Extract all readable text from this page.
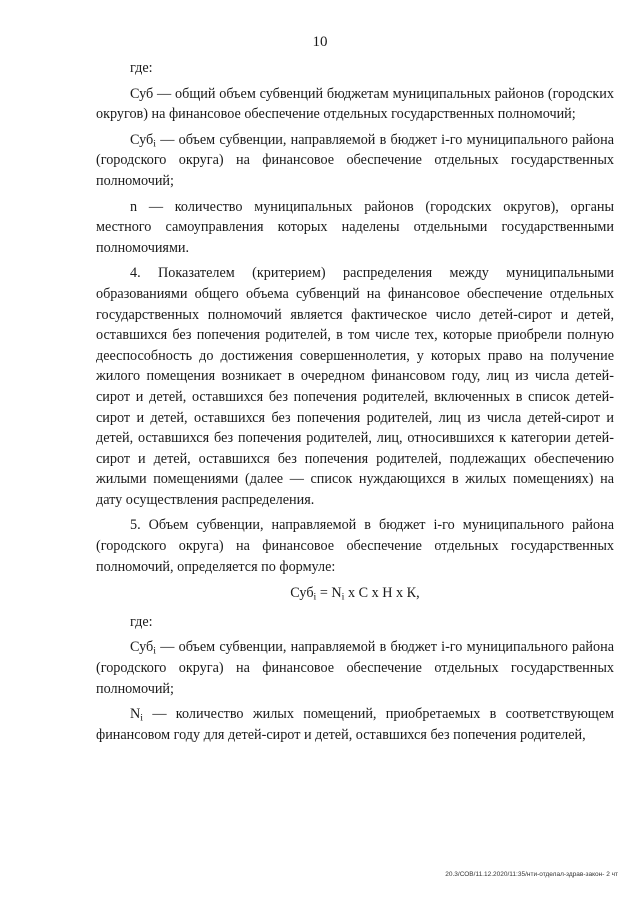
10

где:

Суб — общий объем субвенций бюджетам муниципальных районов (городских округов) на финансовое обеспечение отдельных государственных полномочий;

Суб$_i$ — объем субвенции, направляемой в бюджет i-го муниципального района (городского округа) на финансовое обеспечение отдельных государственных полномочий;

n — количество муниципальных районов (городских округов), органы местного самоуправления которых наделены отдельными государственными полномочиями.

4. Показателем (критерием) распределения между муниципальными образованиями общего объема субвенций на финансовое обеспечение отдельных государственных полномочий является фактическое число детей-сирот и детей, оставшихся без попечения родителей, в том числе тех, которые приобрели полную дееспособность до достижения совершеннолетия, у которых право на получение жилого помещения возникает в очередном финансовом году, лиц из числа детей-сирот и детей, оставшихся без попечения родителей, включенных в список детей-сирот и детей, оставшихся без попечения родителей, лиц из числа детей-сирот и детей, оставшихся без попечения родителей, лиц, относившихся к категории детей-сирот и детей, оставшихся без попечения родителей, подлежащих обеспечению жилыми помещениями (далее — список нуждающихся в жилых помещениях) на дату осуществления распределения.

5. Объем субвенции, направляемой в бюджет i-го муниципального района (городского округа) на финансовое обеспечение отдельных государственных полномочий, определяется по формуле:

$Суб_i = N_i$ x С x Н x К,

где:

Суб$_i$ — объем субвенции, направляемой в бюджет i-го муниципального района (городского округа) на финансовое обеспечение отдельных государственных полномочий;

$N_i$ — количество жилых помещений, приобретаемых в соответствующем финансовом году для детей-сирот и детей, оставшихся без попечения родителей,

20.3/СОВ/11.12.2020/11:35/нти-отделал-здрав-закон- 2 чт
